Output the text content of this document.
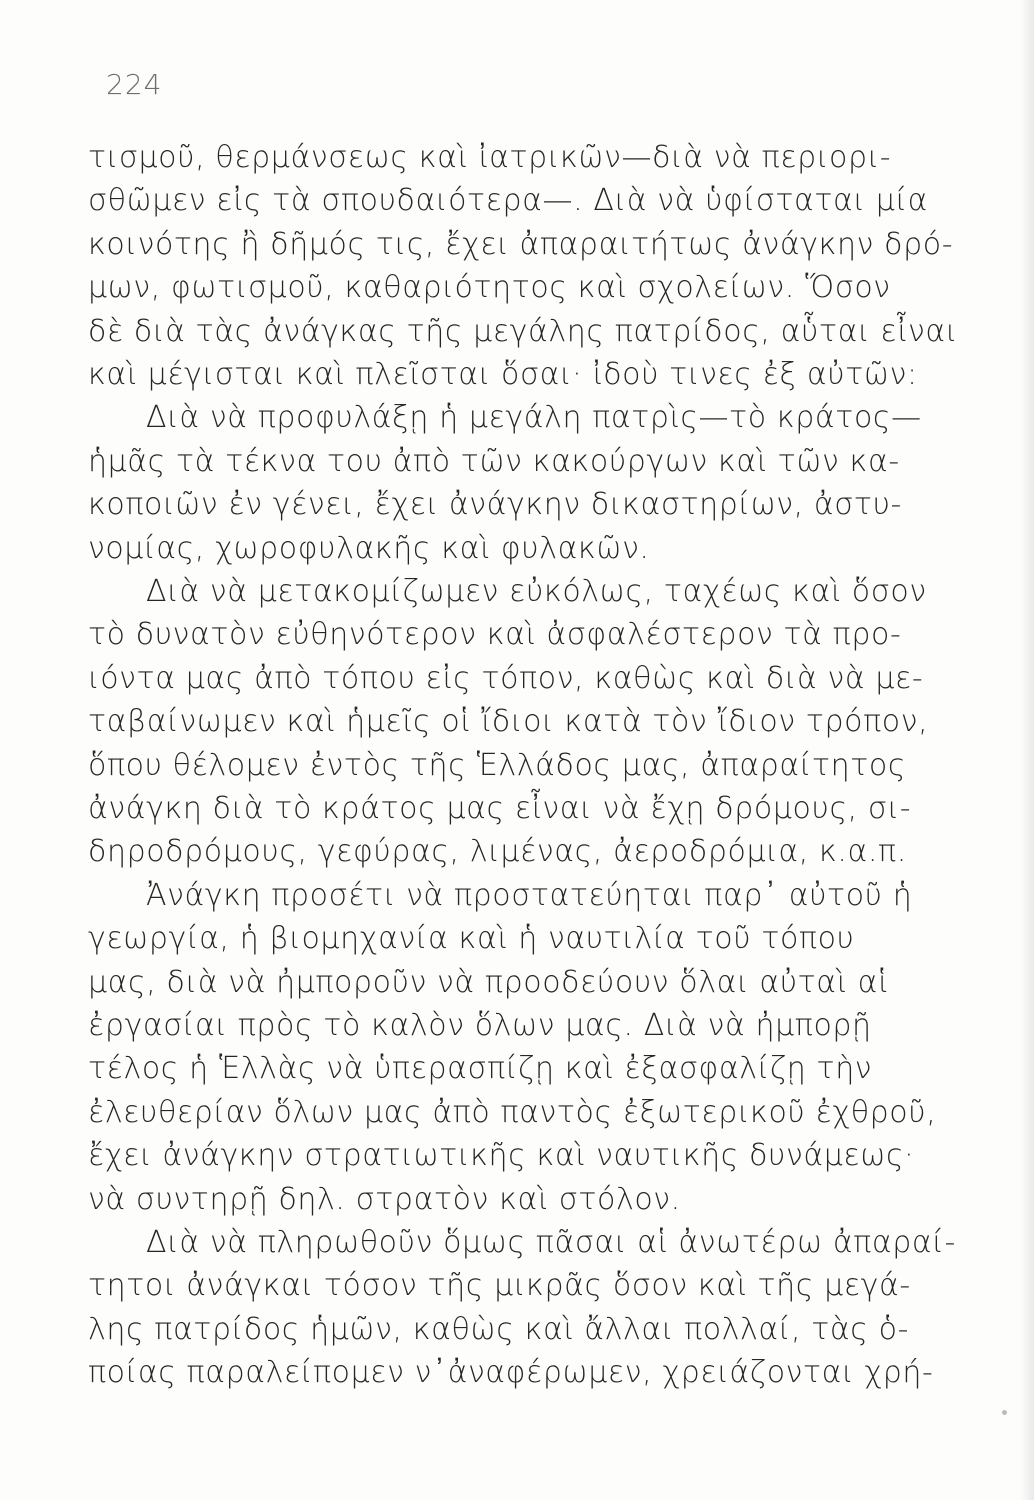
224
τισμοῦ, θερμάνσεως καὶ ἰατρικῶν—διὰ νὰ περιορι-
σθῶμεν εἰς τὰ σπουδαιότερα—. Διὰ νὰ ὑφίσταται μία
κοινότης ἢ δῆμός τις, ἔχει ἀπαραιτήτως ἀνάγκην δρό-
μων, φωτισμοῦ, καθαριότητος καὶ σχολείων. Ὅσον
δὲ διὰ τὰς ἀνάγκας τῆς μεγάλης πατρίδος, αὗται εἶναι
καὶ μέγισται καὶ πλεῖσται ὅσαι· ἰδοὺ τινες ἐξ αὐτῶν:
Διὰ νὰ προφυλάξῃ ἡ μεγάλη πατρὶς—τὸ κράτος—
ἡμᾶς τὰ τέκνα του ἀπὸ τῶν κακούργων καὶ τῶν κα-
κοποιῶν ἐν γένει, ἔχει ἀνάγκην δικαστηρίων, ἀστυ-
νομίας, χωροφυλακῆς καὶ φυλακῶν.
Διὰ νὰ μετακομίζωμεν εὐκόλως, ταχέως καὶ ὅσον
τὸ δυνατὸν εὐθηνότερον καὶ ἀσφαλέστερον τὰ προ-
ιόντα μας ἀπὸ τόπου εἰς τόπον, καθὼς καὶ διὰ νὰ με-
ταβαίνωμεν καὶ ἡμεῖς οἱ ἴδιοι κατὰ τὸν ἴδιον τρόπον,
ὅπου θέλομεν ἐντὸς τῆς Ἑλλάδος μας, ἀπαραίτητος
ἀνάγκη διὰ τὸ κράτος μας εἶναι νὰ ἔχῃ δρόμους, σι-
δηροδρόμους, γεφύρας, λιμένας, ἀεροδρόμια, κ.α.π.
Ἀνάγκη προσέτι νὰ προστατεύηται παρ᾽ αὐτοῦ ἡ
γεωργία, ἡ βιομηχανία καὶ ἡ ναυτιλία τοῦ τόπου
μας, διὰ νὰ ἠμποροῦν νὰ προοδεύουν ὅλαι αὐταὶ αἱ
ἐργασίαι πρὸς τὸ καλὸν ὅλων μας. Διὰ νὰ ἠμπορῇ
τέλος ἡ Ἑλλὰς νὰ ὑπερασπίζῃ καὶ ἐξασφαλίζῃ τὴν
ἐλευθερίαν ὅλων μας ἀπὸ παντὸς ἐξωτερικοῦ ἐχθροῦ,
ἔχει ἀνάγκην στρατιωτικῆς καὶ ναυτικῆς δυνάμεως·
νὰ συντηρῇ δηλ. στρατὸν καὶ στόλον.
Διὰ νὰ πληρωθοῦν ὅμως πᾶσαι αἱ ἀνωτέρω ἀπαραί-
τητοι ἀνάγκαι τόσον τῆς μικρᾶς ὅσον καὶ τῆς μεγά-
λης πατρίδος ἡμῶν, καθὼς καὶ ἄλλαι πολλαί, τὰς ὁ-
ποίας παραλείπομεν ν᾽ἀναφέρωμεν, χρειάζονται χρή-
